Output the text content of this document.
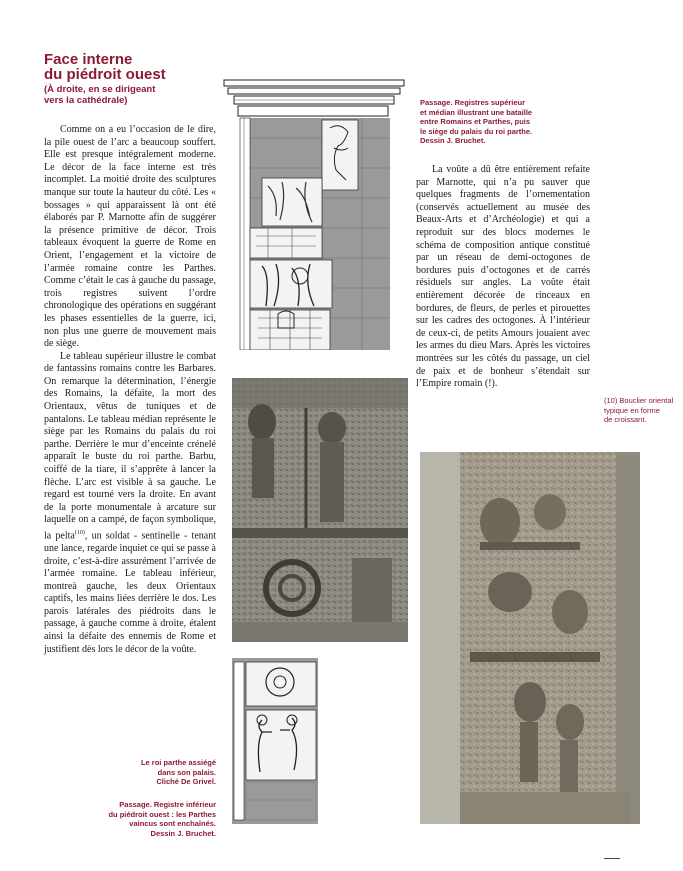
Face interne
du piédroit ouest
(À droite, en se dirigeant
vers la cathédrale)

Comme on a eu l’occasion de le dire, la pile ouest de l’arc a beaucoup souffert. Elle est presque intégralement moderne. Le décor de la face interne est très incomplet. La moitié droite des sculptures manque sur toute la hauteur du côté. Les « bossages » qui apparaissent là ont été élaborés par P. Marnotte afin de suggérer la présence primitive de décor. Trois tableaux évoquent la guerre de Rome en Orient, l’engagement et la victoire de l’armée romaine contre les Parthes. Comme c’était le cas à gauche du passage, trois registres suivent l’ordre chronologique des opérations en suggérant les phases essentielles de la guerre, ici, non plus une guerre de mouvement mais de siège.

Le tableau supérieur illustre le combat de fantassins romains contre les Barbares. On remarque la détermination, l’énergie des Romains, la défaite, la mort des Orientaux, vêtus de tuniques et de pantalons. Le tableau médian représente le siège par les Romains du palais du roi parthe. Derrière le mur d’enceinte crénelé apparaît le buste du roi parthe. Barbu, coiffé de la tiare, il s’apprête à lancer la flèche. L’arc est visible à sa gauche. Le regard est tourné vers la droite. En avant de la porte monumentale à arcature sur laquelle on a campé, de façon symbolique, la pelta$^{(10)}$, un soldat - sentinelle - tenant une lance, regarde inquiet ce qui se passe à droite, c’est-à-dire assurément l’arrivée de l’armée romaine. Le tableau inférieur, montreà gauche, les deux Orientaux captifs, les mains liées derrière le dos. Les parois latérales des piédroits dans le passage, à gauche comme à droite, étalent ainsi la défaite des ennemis de Rome et justifient dès lors le décor de la voûte.

La voûte a dû être entièrement refaite par Marnotte, qui n’a pu sauver que quelques fragments de l’ornementation (conservés actuellement au musée des Beaux-Arts et d’Archéologie) et qui a reproduit sur des blocs modernes le schéma de composition antique constitué par un réseau de demi-octogones de bordures puis d’octogones et de carrés résiduels sur angles. La voûte était entièrement décorée de rinceaux en bordures, de fleurs, de perles et pirouettes sur les cadres des octogones. À l’intérieur de ceux-ci, de petits Amours jouaient avec les armes du dieu Mars. Après les victoires montrées sur les côtés du passage, un ciel de paix et de bonheur s’étendait sur l’Empire romain (!).

Passage. Registres supérieur
et médian illustrant une bataille
entre Romains et Parthes, puis
le siège du palais du roi parthe.
Dessin J. Bruchet.
Le roi parthe assiégé
dans son palais.
Cliché De Grivel.
Passage. Registre inférieur
du piédroit ouest : les Parthes
vaincus sont enchaînés.
Dessin J. Bruchet.
(10) Bouclier oriental
typique en forme
de croissant.
